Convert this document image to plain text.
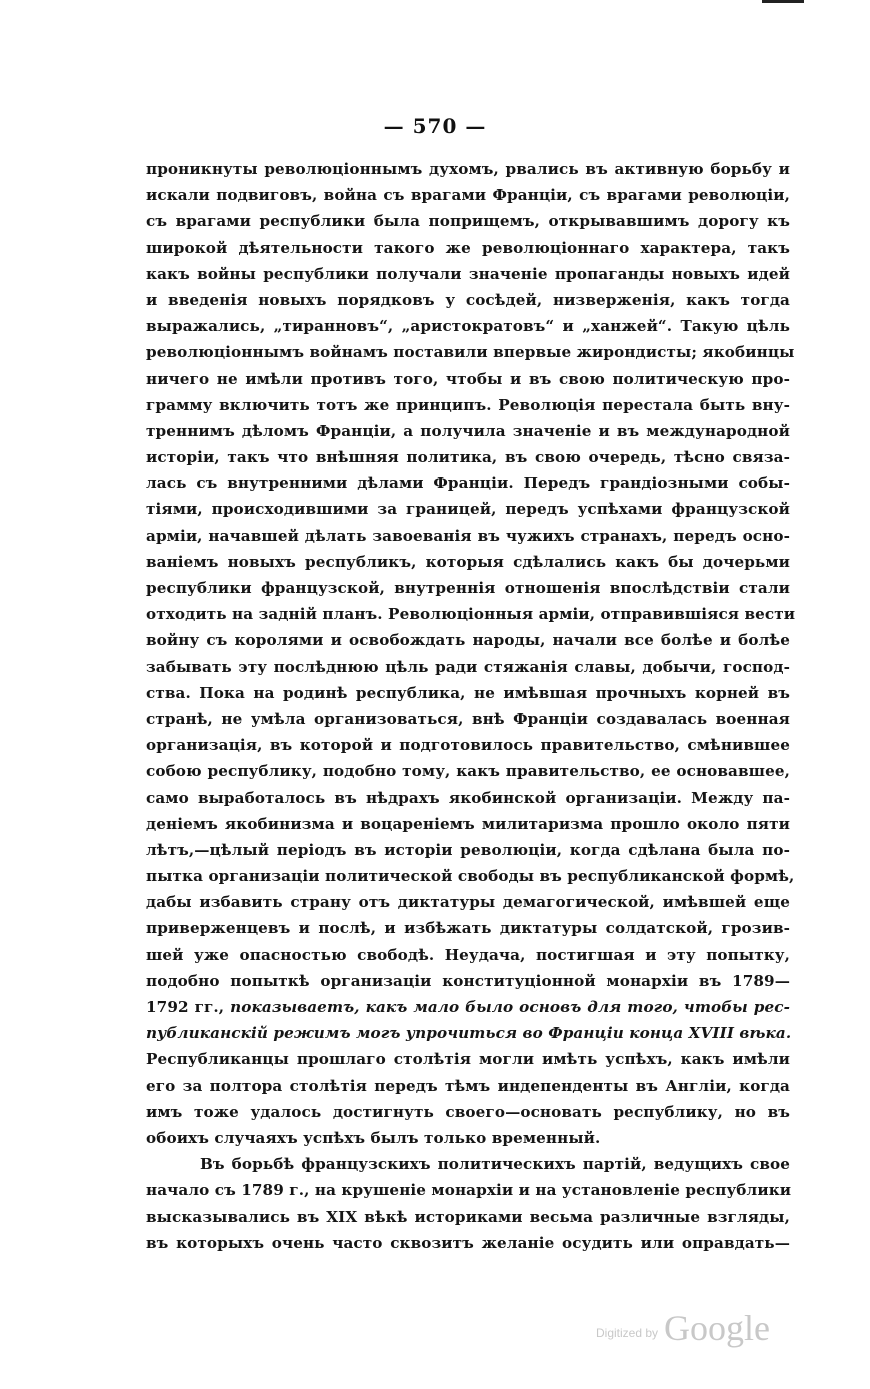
— 570 —
проникнуты революціоннымъ духомъ, рвались въ активную борьбу и
искали подвиговъ, война съ врагами Франціи, съ врагами революціи,
съ врагами республики была поприщемъ, открывавшимъ дорогу къ
широкой дѣятельности такого же революціоннаго характера, такъ
какъ войны республики получали значеніе пропаганды новыхъ идей
и введенія новыхъ порядковъ у сосѣдей, низверженія, какъ тогда
выражались, „тиранновъ“, „аристократовъ“ и „ханжей“. Такую цѣль
революціоннымъ войнамъ поставили впервые жирондисты; якобинцы
ничего не имѣли противъ того, чтобы и въ свою политическую про-
грамму включить тотъ же принципъ. Революція перестала быть вну-
треннимъ дѣломъ Франціи, а получила значеніе и въ международной
исторіи, такъ что внѣшняя политика, въ свою очередь, тѣсно связа-
лась съ внутренними дѣлами Франціи. Передъ грандіозными собы-
тіями, происходившими за границей, передъ успѣхами французской
арміи, начавшей дѣлать завоеванія въ чужихъ странахъ, передъ осно-
ваніемъ новыхъ республикъ, которыя сдѣлались какъ бы дочерьми
республики французской, внутреннія отношенія впослѣдствіи стали
отходить на задній планъ. Революціонныя арміи, отправившіяся вести
войну съ королями и освобождать народы, начали все болѣе и болѣе
забывать эту послѣднюю цѣль ради стяжанія славы, добычи, господ-
ства. Пока на родинѣ республика, не имѣвшая прочныхъ корней въ
странѣ, не умѣла организоваться, внѣ Франціи создавалась военная
организація, въ которой и подготовилось правительство, смѣнившее
собою республику, подобно тому, какъ правительство, ее основавшее,
само выработалось въ нѣдрахъ якобинской организаціи. Между па-
деніемъ якобинизма и воцареніемъ милитаризма прошло около пяти
лѣтъ,—цѣлый періодъ въ исторіи революціи, когда сдѣлана была по-
пытка организаціи политической свободы въ республиканской формѣ,
дабы избавить страну отъ диктатуры демагогической, имѣвшей еще
приверженцевъ и послѣ, и избѣжать диктатуры солдатской, грозив-
шей уже опасностью свободѣ. Неудача, постигшая и эту попытку,
подобно попыткѣ организаціи конституціонной монархіи въ 1789—
1792 гг., показываетъ, какъ мало было основъ для того, чтобы рес-
публиканскій режимъ могъ упрочиться во Франціи конца XVIII вѣка.
Республиканцы прошлаго столѣтія могли имѣть успѣхъ, какъ имѣли
его за полтора столѣтія передъ тѣмъ индепенденты въ Англіи, когда
имъ тоже удалось достигнуть своего—основать республику, но въ
обоихъ случаяхъ успѣхъ былъ только временный.
Въ борьбѣ французскихъ политическихъ партій, ведущихъ свое
начало съ 1789 г., на крушеніе монархіи и на установленіе республики
высказывались въ XIX вѣкѣ историками весьма различные взгляды,
въ которыхъ очень часто сквозитъ желаніе осудить или оправдать—
Digitized by Google
